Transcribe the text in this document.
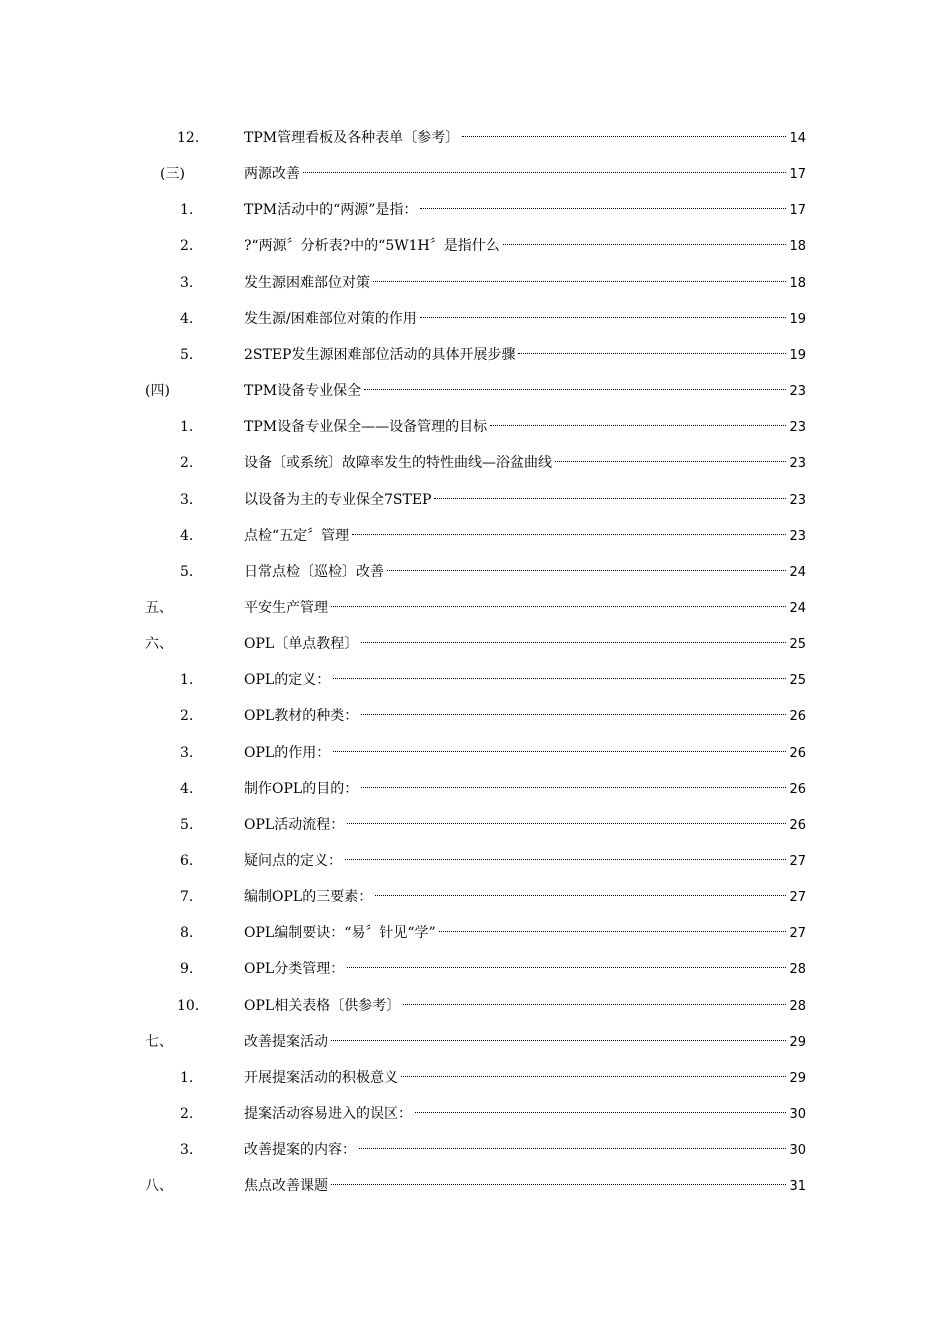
12.	TPM管理看板及各种表单〔参考〕	14
(三)	两源改善	17
1.	TPM活动中的“两源”是指：	17
2.	?“两源〞分析表?中的“5W1H〞是指什么	18
3.	发生源困难部位对策	18
4.	发生源/困难部位对策的作用	19
5.	2STEP发生源困难部位活动的具体开展步骤	19
(四)	TPM设备专业保全	23
1.	TPM设备专业保全——设备管理的目标	23
2.	设备〔或系统〕故障率发生的特性曲线—浴盆曲线	23
3.	以设备为主的专业保全7STEP	23
4.	点检“五定〞管理	23
5.	日常点检〔巡检〕改善	24
五、	平安生产管理	24
六、	OPL〔单点教程〕	25
1.	OPL的定义：	25
2.	OPL教材的种类：	26
3.	OPL的作用：	26
4.	制作OPL的目的：	26
5.	OPL活动流程：	26
6.	疑问点的定义：	27
7.	编制OPL的三要素：	27
8.	OPL编制要诀：“易〞针见“学”	27
9.	OPL分类管理：	28
10.	OPL相关表格〔供参考〕	28
七、	改善提案活动	29
1.	开展提案活动的积极意义	29
2.	提案活动容易进入的误区：	30
3.	改善提案的内容：	30
八、	焦点改善课题	31
